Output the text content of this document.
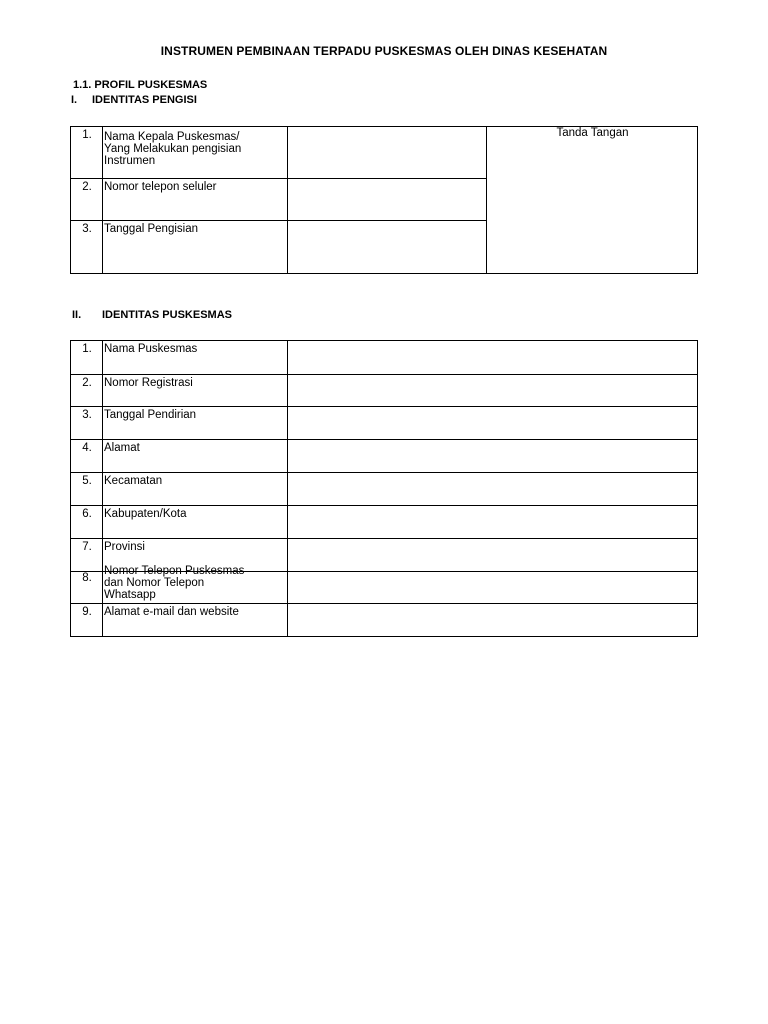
INSTRUMEN PEMBINAAN TERPADU PUSKESMAS OLEH DINAS KESEHATAN
1.1. PROFIL PUSKESMAS
I. IDENTITAS PENGISI
1.	Nama Kepala Puskesmas/
Yang Melakukan pengisian
Instrumen		Tanda Tangan
2.	Nomor telepon seluler		
3.	Tanggal Pengisian		
II. IDENTITAS PUSKESMAS
1.	Nama Puskesmas	
2.	Nomor Registrasi	
3.	Tanggal Pendirian	
4.	Alamat	
5.	Kecamatan	
6.	Kabupaten/Kota	
7.	Provinsi	
8.	Nomor Telepon Puskesmas
dan Nomor Telepon
Whatsapp	

9.	Alamat e-mail dan website	
